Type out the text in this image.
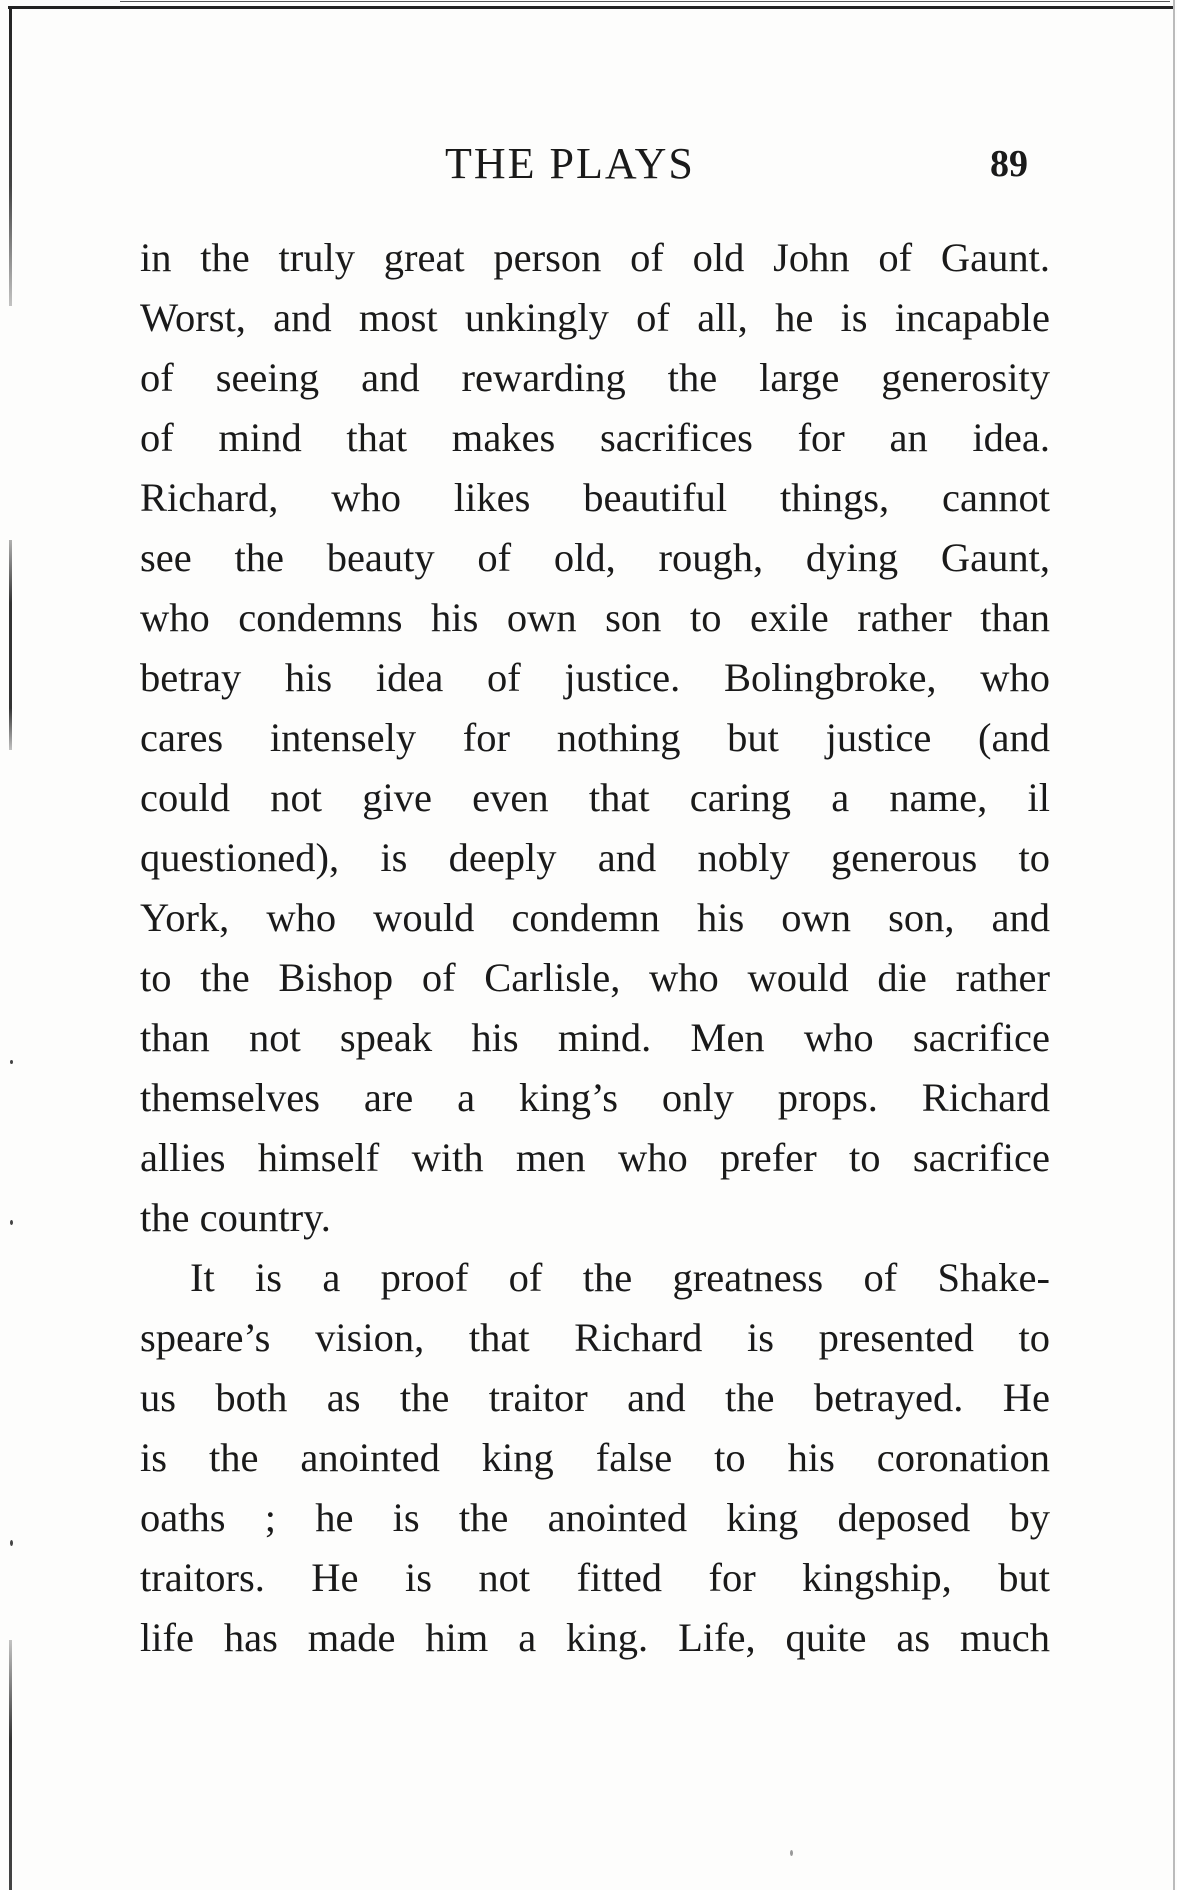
THE PLAYS	89
in the truly great person of old John of Gaunt.
Worst, and most unkingly of all, he is incapable
of seeing and rewarding the large generosity
of mind that makes sacrifices for an idea.
Richard, who likes beautiful things, cannot
see the beauty of old, rough, dying Gaunt,
who condemns his own son to exile rather than
betray his idea of justice. Bolingbroke, who
cares intensely for nothing but justice (and
could not give even that caring a name, il
questioned), is deeply and nobly generous to
York, who would condemn his own son, and
to the Bishop of Carlisle, who would die rather
than not speak his mind. Men who sacrifice
themselves are a king’s only props. Richard
allies himself with men who prefer to sacrifice
the country.
It is a proof of the greatness of Shake-
speare’s vision, that Richard is presented to
us both as the traitor and the betrayed. He
is the anointed king false to his coronation
oaths ; he is the anointed king deposed by
traitors. He is not fitted for kingship, but
life has made him a king. Life, quite as much
